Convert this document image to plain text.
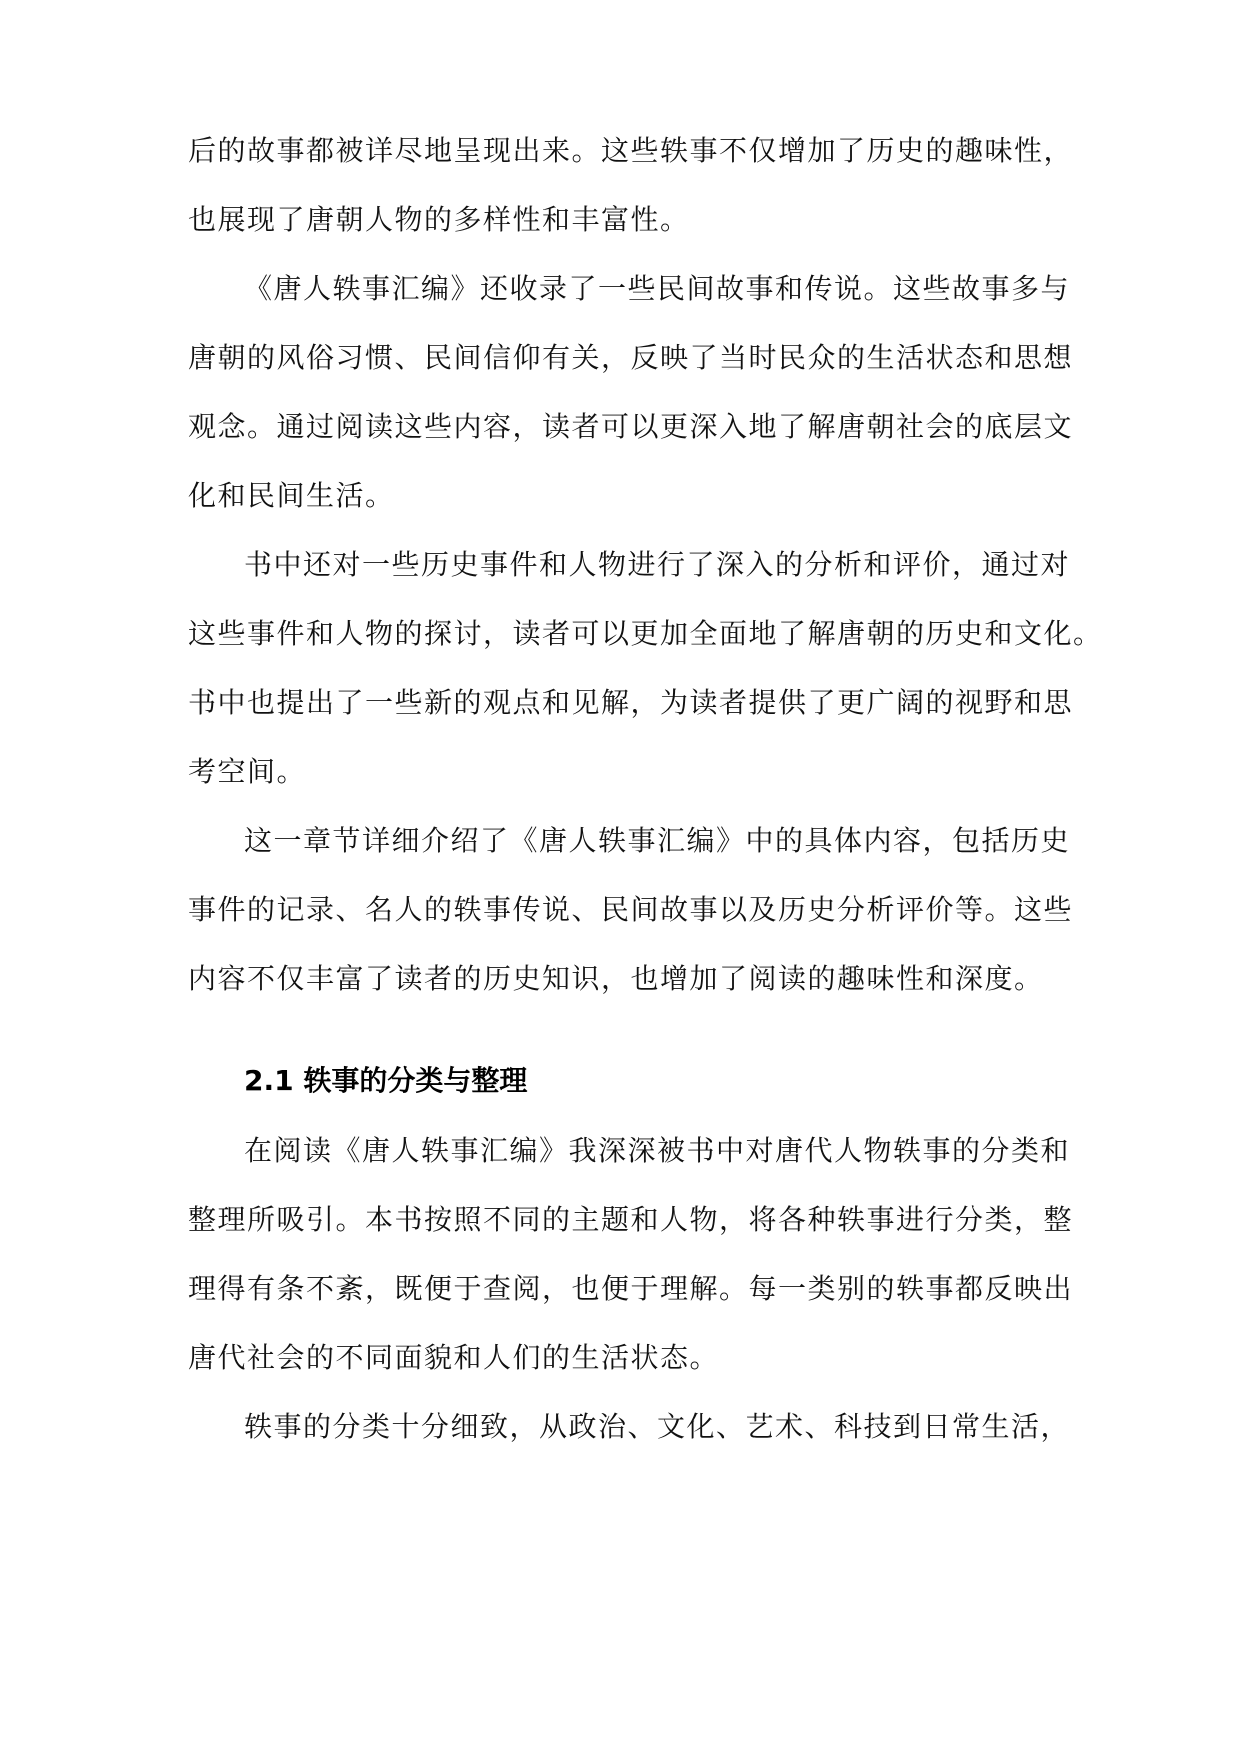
后的故事都被详尽地呈现出来。这些轶事不仅增加了历史的趣味性，
也展现了唐朝人物的多样性和丰富性。
《唐人轶事汇编》还收录了一些民间故事和传说。这些故事多与
唐朝的风俗习惯、民间信仰有关，反映了当时民众的生活状态和思想
观念。通过阅读这些内容，读者可以更深入地了解唐朝社会的底层文
化和民间生活。
书中还对一些历史事件和人物进行了深入的分析和评价，通过对
这些事件和人物的探讨，读者可以更加全面地了解唐朝的历史和文化。
书中也提出了一些新的观点和见解，为读者提供了更广阔的视野和思
考空间。
这一章节详细介绍了《唐人轶事汇编》中的具体内容，包括历史
事件的记录、名人的轶事传说、民间故事以及历史分析评价等。这些
内容不仅丰富了读者的历史知识，也增加了阅读的趣味性和深度。
2.1 轶事的分类与整理
在阅读《唐人轶事汇编》我深深被书中对唐代人物轶事的分类和
整理所吸引。本书按照不同的主题和人物，将各种轶事进行分类，整
理得有条不紊，既便于查阅，也便于理解。每一类别的轶事都反映出
唐代社会的不同面貌和人们的生活状态。
轶事的分类十分细致，从政治、文化、艺术、科技到日常生活，
